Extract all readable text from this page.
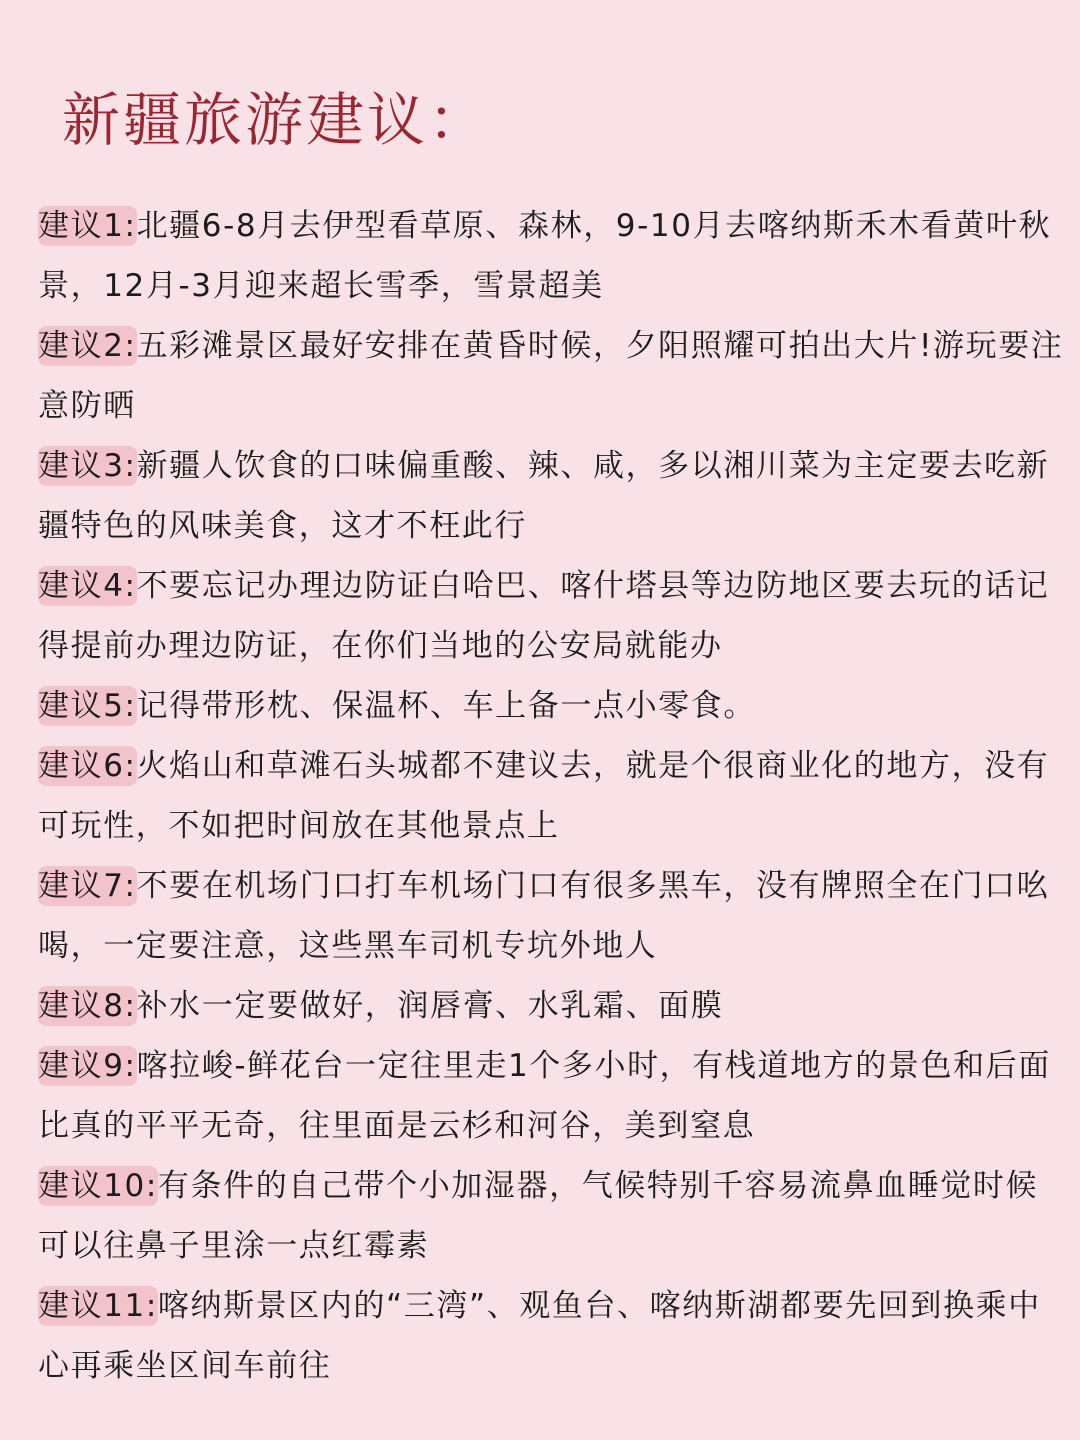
新疆旅游建议：
建议1:北疆6-8月去伊型看草原、森林，9-10月去喀纳斯禾木看黄叶秋景，12月-3月迎来超长雪季，雪景超美
建议2:五彩滩景区最好安排在黄昏时候，夕阳照耀可拍出大片!游玩要注意防晒
建议3:新疆人饮食的口味偏重酸、辣、咸，多以湘川菜为主定要去吃新疆特色的风味美食，这才不枉此行
建议4:不要忘记办理边防证白哈巴、喀什塔县等边防地区要去玩的话记得提前办理边防证，在你们当地的公安局就能办
建议5:记得带形枕、保温杯、车上备一点小零食。
建议6:火焰山和草滩石头城都不建议去，就是个很商业化的地方，没有可玩性，不如把时间放在其他景点上
建议7:不要在机场门口打车机场门口有很多黑车，没有牌照全在门口吆喝，一定要注意，这些黑车司机专坑外地人
建议8:补水一定要做好，润唇膏、水乳霜、面膜
建议9:喀拉峻-鲜花台一定往里走1个多小时，有栈道地方的景色和后面比真的平平无奇，往里面是云杉和河谷，美到窒息
建议10:有条件的自己带个小加湿器，气候特别千容易流鼻血睡觉时候可以往鼻子里涂一点红霉素
建议11:喀纳斯景区内的“三湾”、观鱼台、喀纳斯湖都要先回到换乘中心再乘坐区间车前往
